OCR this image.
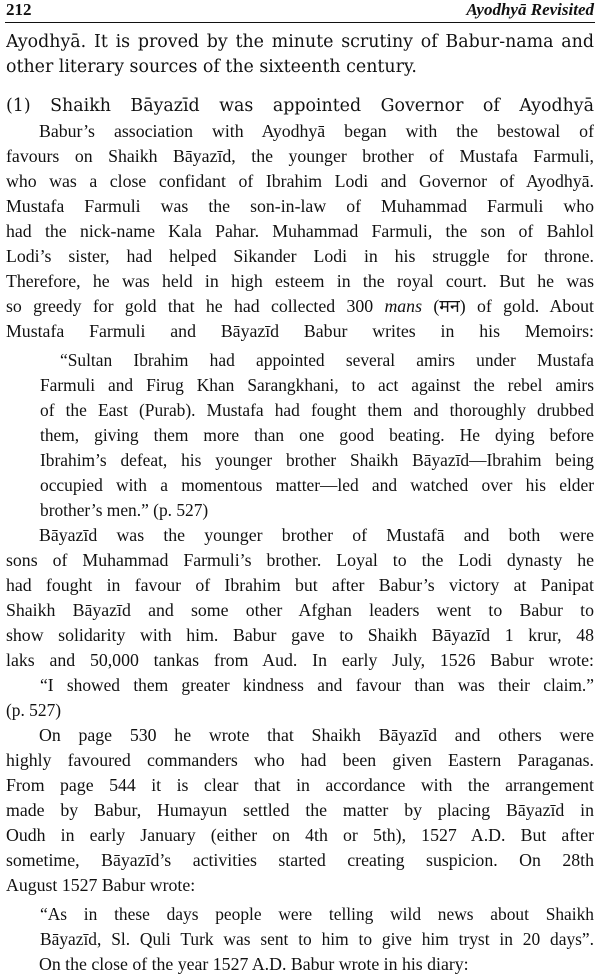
212	Ayodhyā Revisited
Ayodhyā. It is proved by the minute scrutiny of Babur-nama and
other literary sources of the sixteenth century.
(1) Shaikh Bāyazīd was appointed Governor of Ayodhyā
Babur’s association with Ayodhyā began with the bestowal of
favours on Shaikh Bāyazīd, the younger brother of Mustafa Farmuli,
who was a close confidant of Ibrahim Lodi and Governor of Ayodhyā.
Mustafa Farmuli was the son-in-law of Muhammad Farmuli who
had the nick-name Kala Pahar. Muhammad Farmuli, the son of Bahlol
Lodi’s sister, had helped Sikander Lodi in his struggle for throne.
Therefore, he was held in high esteem in the royal court. But he was
so greedy for gold that he had collected 300 mans (मन) of gold. About
Mustafa Farmuli and Bāyazīd Babur writes in his Memoirs:
“Sultan Ibrahim had appointed several amirs under Mustafa
Farmuli and Firug Khan Sarangkhani, to act against the rebel amirs
of the East (Purab). Mustafa had fought them and thoroughly drubbed
them, giving them more than one good beating. He dying before
Ibrahim’s defeat, his younger brother Shaikh Bāyazīd—Ibrahim being
occupied with a momentous matter—led and watched over his elder
brother’s men.” (p. 527)
Bāyazīd was the younger brother of Mustafā and both were
sons of Muhammad Farmuli’s brother. Loyal to the Lodi dynasty he
had fought in favour of Ibrahim but after Babur’s victory at Panipat
Shaikh Bāyazīd and some other Afghan leaders went to Babur to
show solidarity with him. Babur gave to Shaikh Bāyazīd 1 krur, 48
laks and 50,000 tankas from Aud. In early July, 1526 Babur wrote:
“I showed them greater kindness and favour than was their claim.”
(p. 527)
On page 530 he wrote that Shaikh Bāyazīd and others were
highly favoured commanders who had been given Eastern Paraganas.
From page 544 it is clear that in accordance with the arrangement
made by Babur, Humayun settled the matter by placing Bāyazīd in
Oudh in early January (either on 4th or 5th), 1527 A.D. But after
sometime, Bāyazīd’s activities started creating suspicion. On 28th
August 1527 Babur wrote:
“As in these days people were telling wild news about Shaikh
Bāyazīd, Sl. Quli Turk was sent to him to give him tryst in 20 days”.
On the close of the year 1527 A.D. Babur wrote in his diary:
